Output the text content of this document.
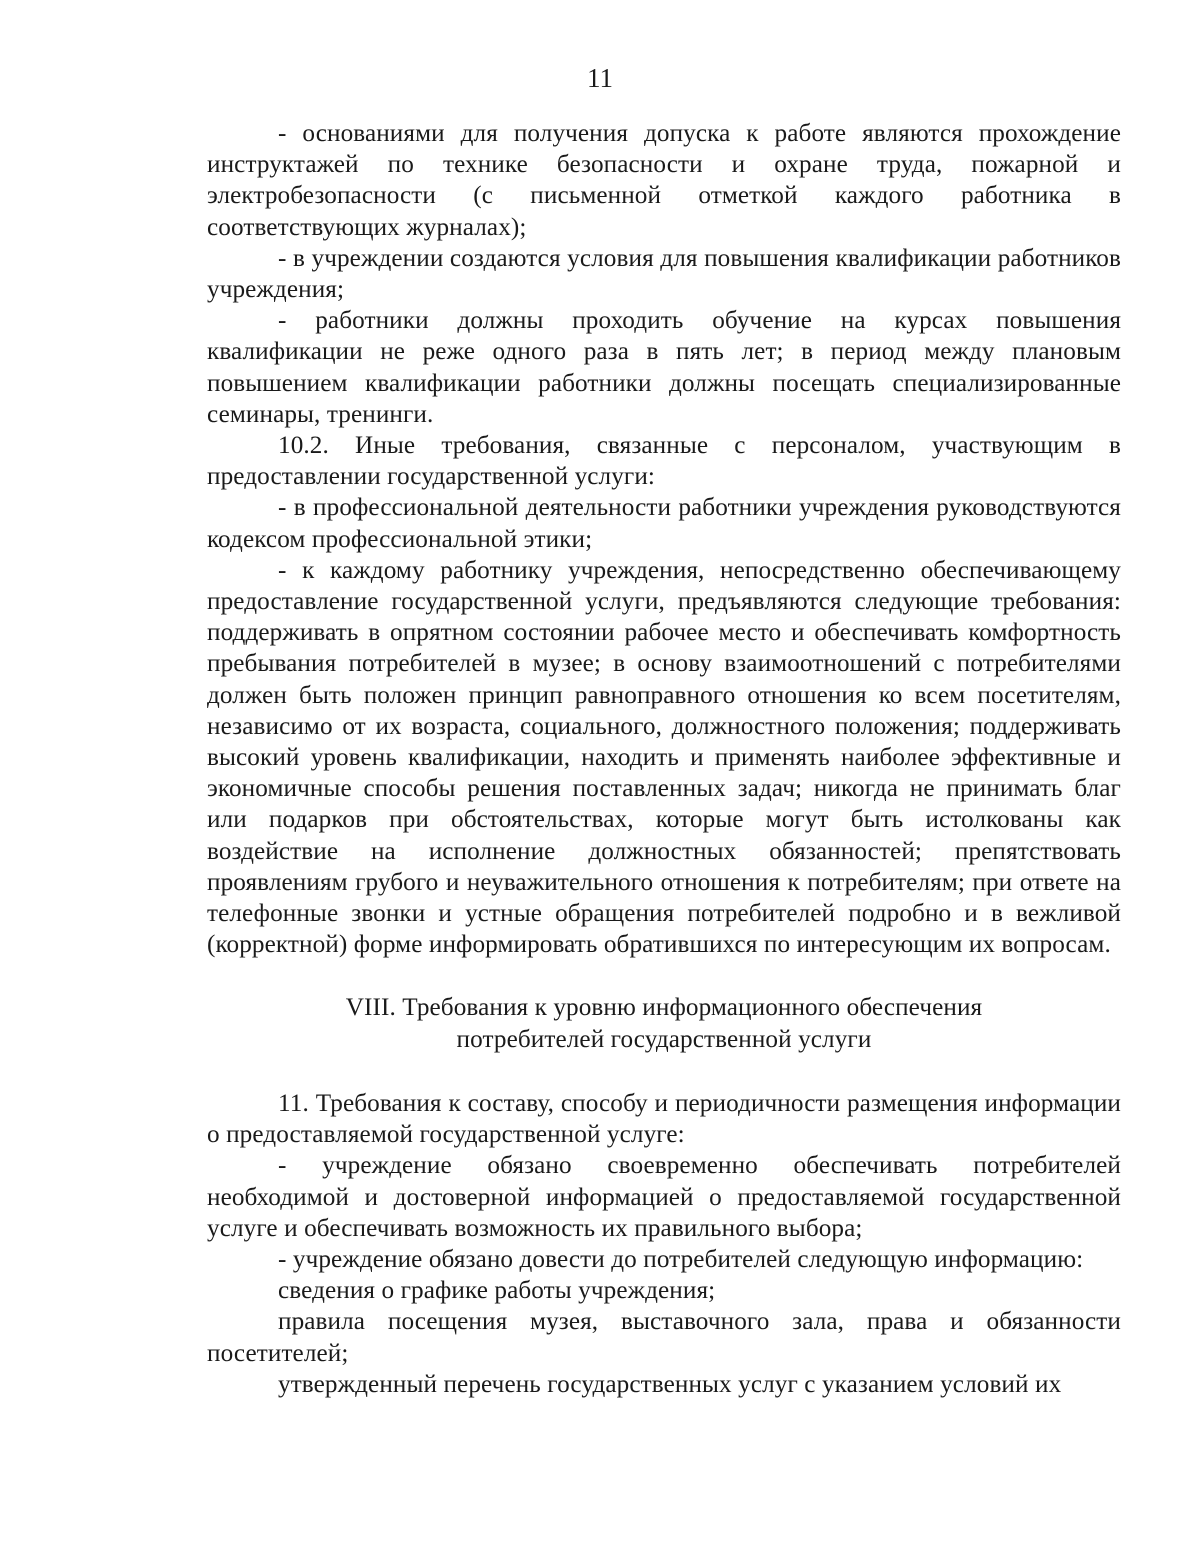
11

- основаниями для получения допуска к работе являются прохождение инструктажей по технике безопасности и охране труда, пожарной и электробезопасности (с письменной отметкой каждого работника в соответствующих журналах);

- в учреждении создаются условия для повышения квалификации работников учреждения;

- работники должны проходить обучение на курсах повышения квалификации не реже одного раза в пять лет; в период между плановым повышением квалификации работники должны посещать специализированные семинары, тренинги.

10.2. Иные требования, связанные с персоналом, участвующим в предоставлении государственной услуги:

- в профессиональной деятельности работники учреждения руководствуются кодексом профессиональной этики;

- к каждому работнику учреждения, непосредственно обеспечивающему предоставление государственной услуги, предъявляются следующие требования: поддерживать в опрятном состоянии рабочее место и обеспечивать комфортность пребывания потребителей в музее; в основу взаимоотношений с потребителями должен быть положен принцип равноправного отношения ко всем посетителям, независимо от их возраста, социального, должностного положения; поддерживать высокий уровень квалификации, находить и применять наиболее эффективные и экономичные способы решения поставленных задач; никогда не принимать благ или подарков при обстоятельствах, которые могут быть истолкованы как воздействие на исполнение должностных обязанностей; препятствовать проявлениям грубого и неуважительного отношения к потребителям; при ответе на телефонные звонки и устные обращения потребителей подробно и в вежливой (корректной) форме информировать обратившихся по интересующим их вопросам.

VIII. Требования к уровню информационного обеспечения
потребителей государственной услуги

11. Требования к составу, способу и периодичности размещения информации о предоставляемой государственной услуге:

- учреждение обязано своевременно обеспечивать потребителей необходимой и достоверной информацией о предоставляемой государственной услуге и обеспечивать возможность их правильного выбора;

- учреждение обязано довести до потребителей следующую информацию:

сведения о графике работы учреждения;

правила посещения музея, выставочного зала, права и обязанности посетителей;

утвержденный перечень государственных услуг с указанием условий их
